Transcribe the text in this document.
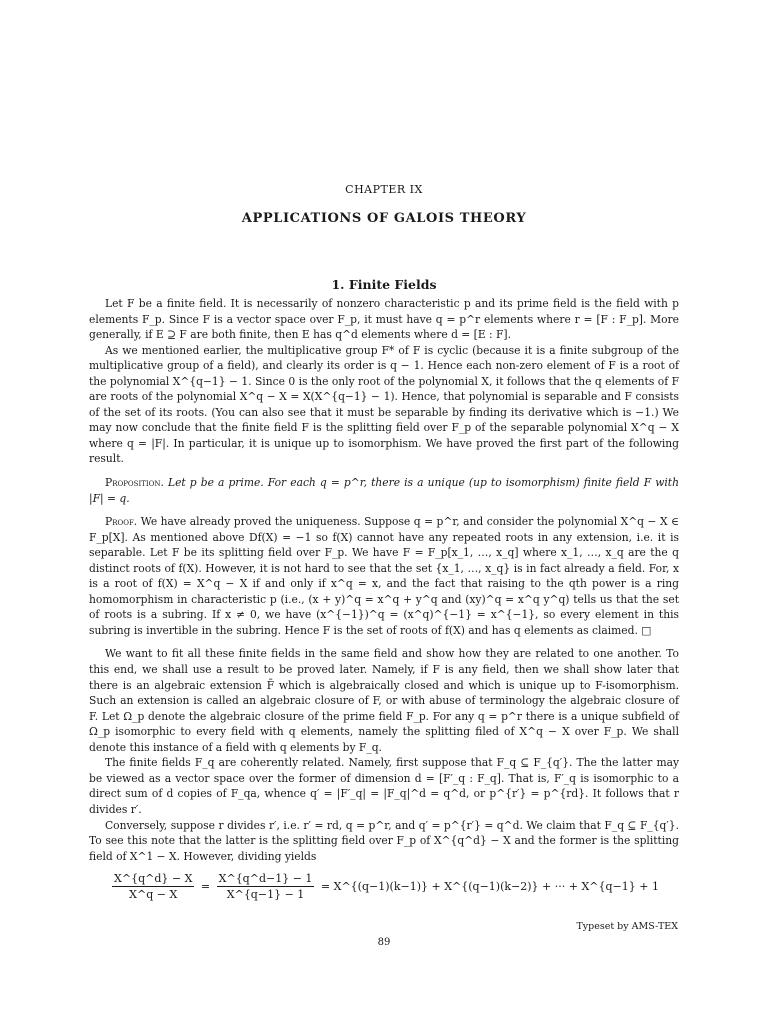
CHAPTER IX
APPLICATIONS OF GALOIS THEORY
1. Finite Fields

Let F be a finite field. It is necessarily of nonzero characteristic p and its prime field is the field with p elements F_p. Since F is a vector space over F_p, it must have q = p^r elements where r = [F : F_p]. More generally, if E ⊇ F are both finite, then E has q^d elements where d = [E : F].

As we mentioned earlier, the multiplicative group F* of F is cyclic (because it is a finite subgroup of the multiplicative group of a field), and clearly its order is q − 1. Hence each non-zero element of F is a root of the polynomial X^{q−1} − 1. Since 0 is the only root of the polynomial X, it follows that the q elements of F are roots of the polynomial X^q − X = X(X^{q−1} − 1). Hence, that polynomial is separable and F consists of the set of its roots. (You can also see that it must be separable by finding its derivative which is −1.) We may now conclude that the finite field F is the splitting field over F_p of the separable polynomial X^q − X where q = |F|. In particular, it is unique up to isomorphism. We have proved the first part of the following result.

Proposition. Let p be a prime. For each q = p^r, there is a unique (up to isomorphism) finite field F with |F| = q.

Proof. We have already proved the uniqueness. Suppose q = p^r, and consider the polynomial X^q − X ∈ F_p[X]. As mentioned above Df(X) = −1 so f(X) cannot have any repeated roots in any extension, i.e. it is separable. Let F be its splitting field over F_p. We have F = F_p[x_1, …, x_q] where x_1, …, x_q are the q distinct roots of f(X). However, it is not hard to see that the set {x_1, …, x_q} is in fact already a field. For, x is a root of f(X) = X^q − X if and only if x^q = x, and the fact that raising to the qth power is a ring homomorphism in characteristic p (i.e., (x + y)^q = x^q + y^q and (xy)^q = x^q y^q) tells us that the set of roots is a subring. If x ≠ 0, we have (x^{−1})^q = (x^q)^{−1} = x^{−1}, so every element in this subring is invertible in the subring. Hence F is the set of roots of f(X) and has q elements as claimed. □

We want to fit all these finite fields in the same field and show how they are related to one another. To this end, we shall use a result to be proved later. Namely, if F is any field, then we shall show later that there is an algebraic extension F̄ which is algebraically closed and which is unique up to F-isomorphism. Such an extension is called an algebraic closure of F, or with abuse of terminology the algebraic closure of F. Let Ω_p denote the algebraic closure of the prime field F_p. For any q = p^r there is a unique subfield of Ω_p isomorphic to every field with q elements, namely the splitting filed of X^q − X over F_p. We shall denote this instance of a field with q elements by F_q.

The finite fields F_q are coherently related. Namely, first suppose that F_q ⊆ F_{q′}. The the latter may be viewed as a vector space over the former of dimension d = [F′_q : F_q]. That is, F′_q is isomorphic to a direct sum of d copies of F_qa, whence q′ = |F′_q| = |F_q|^d = q^d, or p^{r′} = p^{rd}. It follows that r divides r′.

Conversely, suppose r divides r′, i.e. r′ = rd, q = p^r, and q′ = p^{r′} = q^d. We claim that F_q ⊆ F_{q′}. To see this note that the latter is the splitting field over F_p of X^{q^d} − X and the former is the splitting field of X^1 − X. However, dividing yields

$\frac{X\^{}\{q\^{}d\} - X}{X\^{}q - X} = \frac{X\^{}\{q\^{}d-1\} - 1}{X\^{}\{q-1\} - 1}$ = X^{(q−1)(k−1)} + X^{(q−1)(k−2)} + ··· + X^{q−1} + 1
Typeset by AMS-TEX
89
